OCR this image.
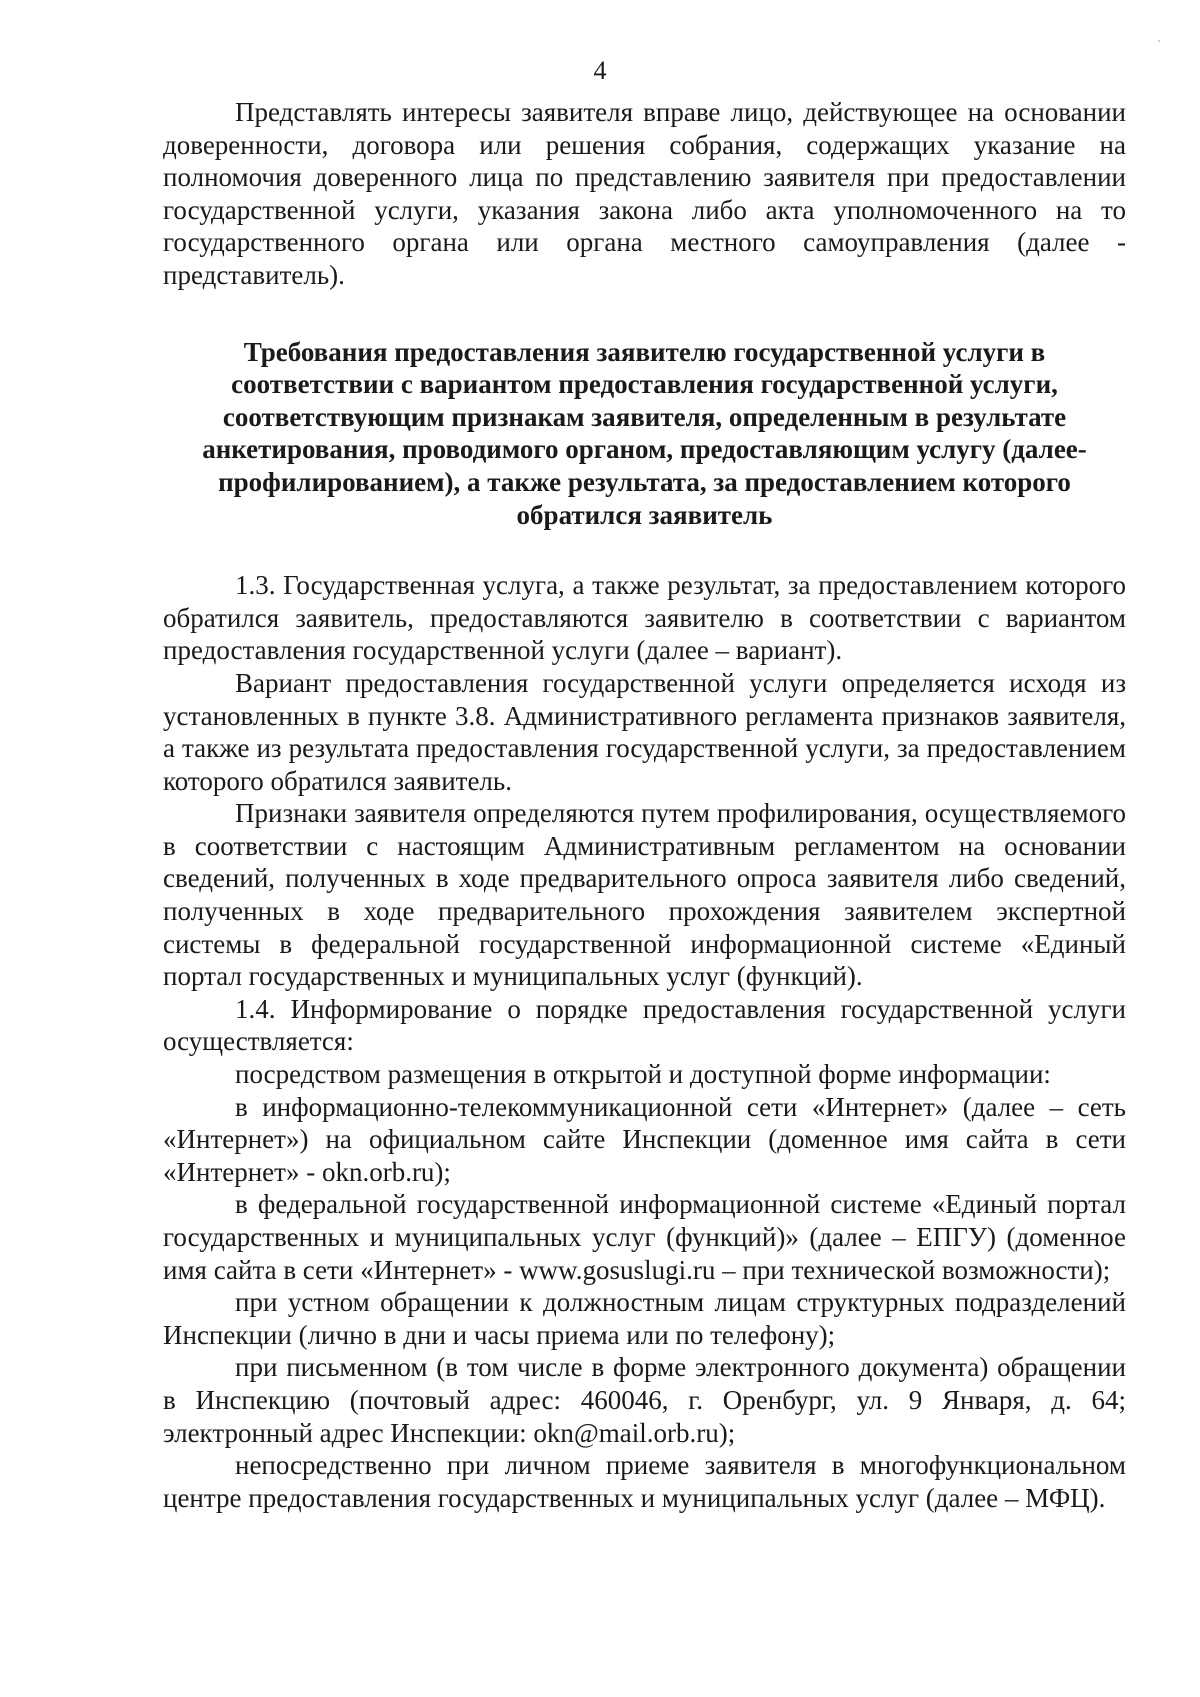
4

Представлять интересы заявителя вправе лицо, действующее на основании доверенности, договора или решения собрания, содержащих указание на полномочия доверенного лица по представлению заявителя при предоставлении государственной услуги, указания закона либо акта уполномоченного на то государственного органа или органа местного самоуправления (далее - представитель).

Требования предоставления заявителю государственной услуги в соответствии с вариантом предоставления государственной услуги, соответствующим признакам заявителя, определенным в результате анкетирования, проводимого органом, предоставляющим услугу (далее-профилированием), а также результата, за предоставлением которого обратился заявитель

1.3. Государственная услуга, а также результат, за предоставлением которого обратился заявитель, предоставляются заявителю в соответствии с вариантом предоставления государственной услуги (далее – вариант).

Вариант предоставления государственной услуги определяется исходя из установленных в пункте 3.8. Административного регламента признаков заявителя, а также из результата предоставления государственной услуги, за предоставлением которого обратился заявитель.

Признаки заявителя определяются путем профилирования, осуществляемого в соответствии с настоящим Административным регламентом на основании сведений, полученных в ходе предварительного опроса заявителя либо сведений, полученных в ходе предварительного прохождения заявителем экспертной системы в федеральной государственной информационной системе «Единый портал государственных и муниципальных услуг (функций).

1.4. Информирование о порядке предоставления государственной услуги осуществляется:

посредством размещения в открытой и доступной форме информации:

в информационно-телекоммуникационной сети «Интернет» (далее – сеть «Интернет») на официальном сайте Инспекции (доменное имя сайта в сети «Интернет» - okn.orb.ru);

в федеральной государственной информационной системе «Единый портал государственных и муниципальных услуг (функций)» (далее – ЕПГУ) (доменное имя сайта в сети «Интернет» - www.gosuslugi.ru – при технической возможности);

при устном обращении к должностным лицам структурных подразделений Инспекции (лично в дни и часы приема или по телефону);

при письменном (в том числе в форме электронного документа) обращении в Инспекцию (почтовый адрес: 460046, г. Оренбург, ул. 9 Января, д. 64; электронный адрес Инспекции: okn@mail.orb.ru);

непосредственно при личном приеме заявителя в многофункциональном центре предоставления государственных и муниципальных услуг (далее – МФЦ).
